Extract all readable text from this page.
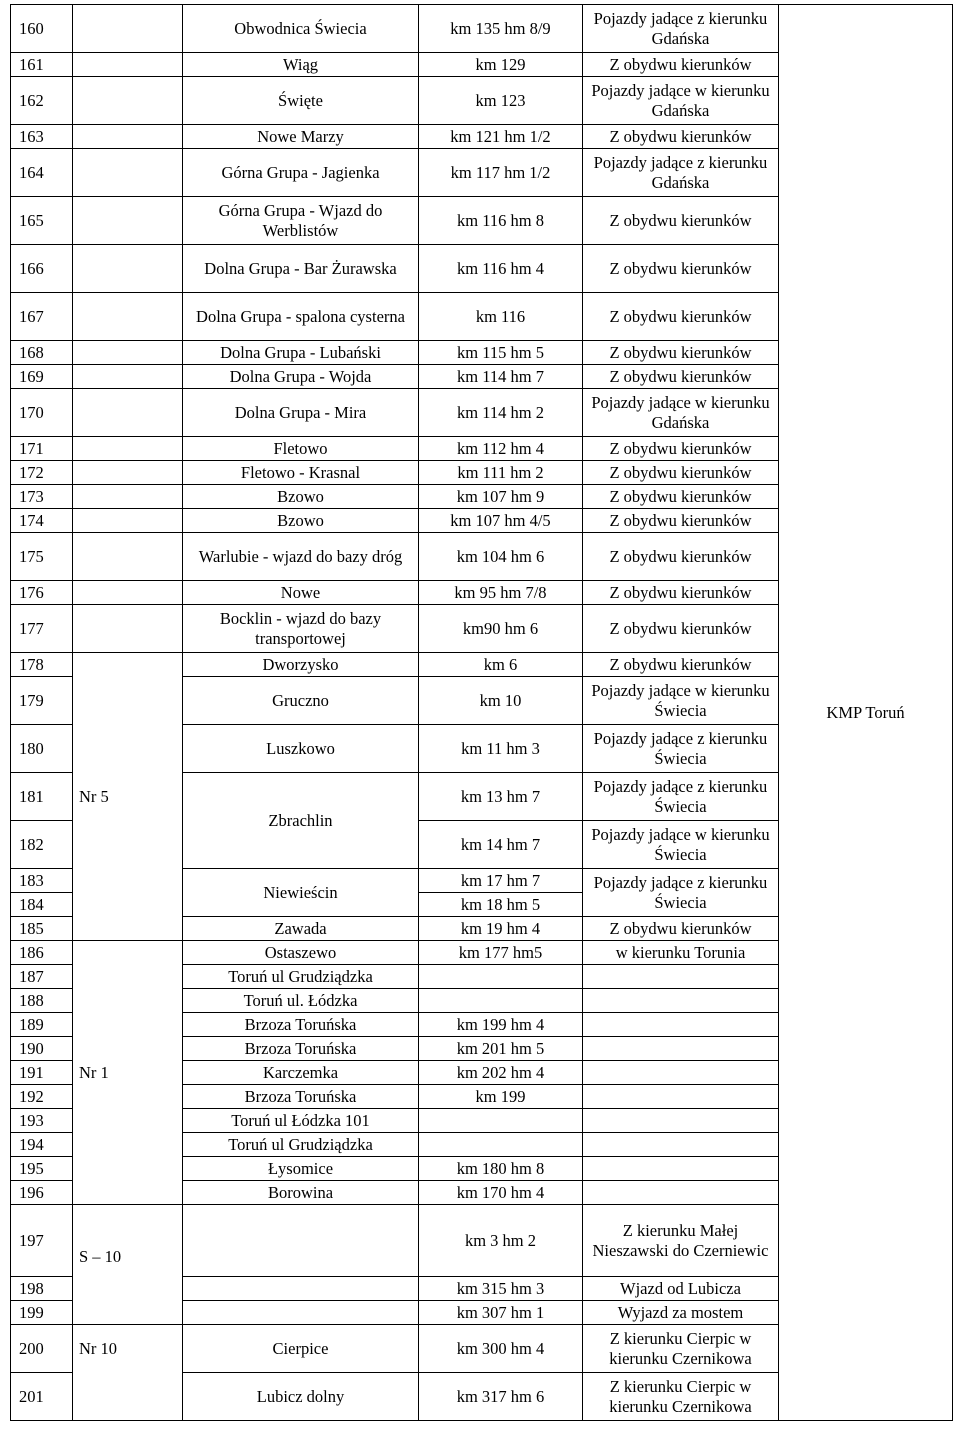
160		Obwodnica Świecia	km 135 hm 8/9	Pojazdy jadące z kierunku Gdańska	KMP Toruń
161		Wiąg	km 129	Z obydwu kierunków	
162		Święte	km 123	Pojazdy jadące w kierunku Gdańska	
163		Nowe Marzy	km 121 hm 1/2	Z obydwu kierunków	
164		Górna Grupa - Jagienka	km 117 hm 1/2	Pojazdy jadące z kierunku Gdańska	
165		Górna Grupa - Wjazd do Werblistów	km 116 hm 8	Z obydwu kierunków	
166		Dolna Grupa - Bar Żurawska	km 116 hm 4	Z obydwu kierunków	
167		Dolna Grupa - spalona cysterna	km 116	Z obydwu kierunków	
168		Dolna Grupa - Lubański	km 115 hm 5	Z obydwu kierunków	
169		Dolna Grupa - Wojda	km 114 hm 7	Z obydwu kierunków	
170		Dolna Grupa - Mira	km 114 hm 2	Pojazdy jadące w kierunku Gdańska	
171		Fletowo	km 112 hm 4	Z obydwu kierunków	
172		Fletowo - Krasnal	km 111 hm 2	Z obydwu kierunków	
173		Bzowo	km 107 hm 9	Z obydwu kierunków	
174		Bzowo	km 107 hm 4/5	Z obydwu kierunków	
175		Warlubie - wjazd do bazy dróg	km 104 hm 6	Z obydwu kierunków	
176		Nowe	km 95 hm 7/8	Z obydwu kierunków	
177		Bocklin - wjazd do bazy transportowej	km90 hm 6	Z obydwu kierunków	
178	Nr 5	Dworzysko	km 6	Z obydwu kierunków	
179		Gruczno	km 10	Pojazdy jadące w kierunku Świecia	
180		Luszkowo	km 11 hm 3	Pojazdy jadące z kierunku Świecia	
181		Zbrachlin	km 13 hm 7	Pojazdy jadące z kierunku Świecia	
182			km 14 hm 7	Pojazdy jadące w kierunku Świecia	
183		Niewieścin	km 17 hm 7	Pojazdy jadące z kierunku Świecia	
184			km 18 hm 5		
185		Zawada	km 19 hm 4	Z obydwu kierunków	
186	Nr 1	Ostaszewo	km 177 hm5	w kierunku Torunia	
187		Toruń ul Grudziądzka			
188		Toruń ul. Łódzka			
189		Brzoza Toruńska	km 199 hm 4		
190		Brzoza Toruńska	km 201 hm 5		
191		Karczemka	km 202 hm 4		
192		Brzoza Toruńska	km 199		
193		Toruń ul Łódzka 101			
194		Toruń ul Grudziądzka			
195		Łysomice	km 180 hm 8		
196		Borowina	km 170 hm 4		
197	S – 10		km 3 hm 2	Z kierunku Małej Nieszawski do Czerniewic	
198			km 315 hm 3	Wjazd od Lubicza	
199			km 307 hm 1	Wyjazd za mostem	
200	Nr 10	Cierpice	km 300 hm 4	Z kierunku Cierpic w kierunku Czernikowa	
201		Lubicz dolny	km 317 hm 6	Z kierunku Cierpic w kierunku Czernikowa	
